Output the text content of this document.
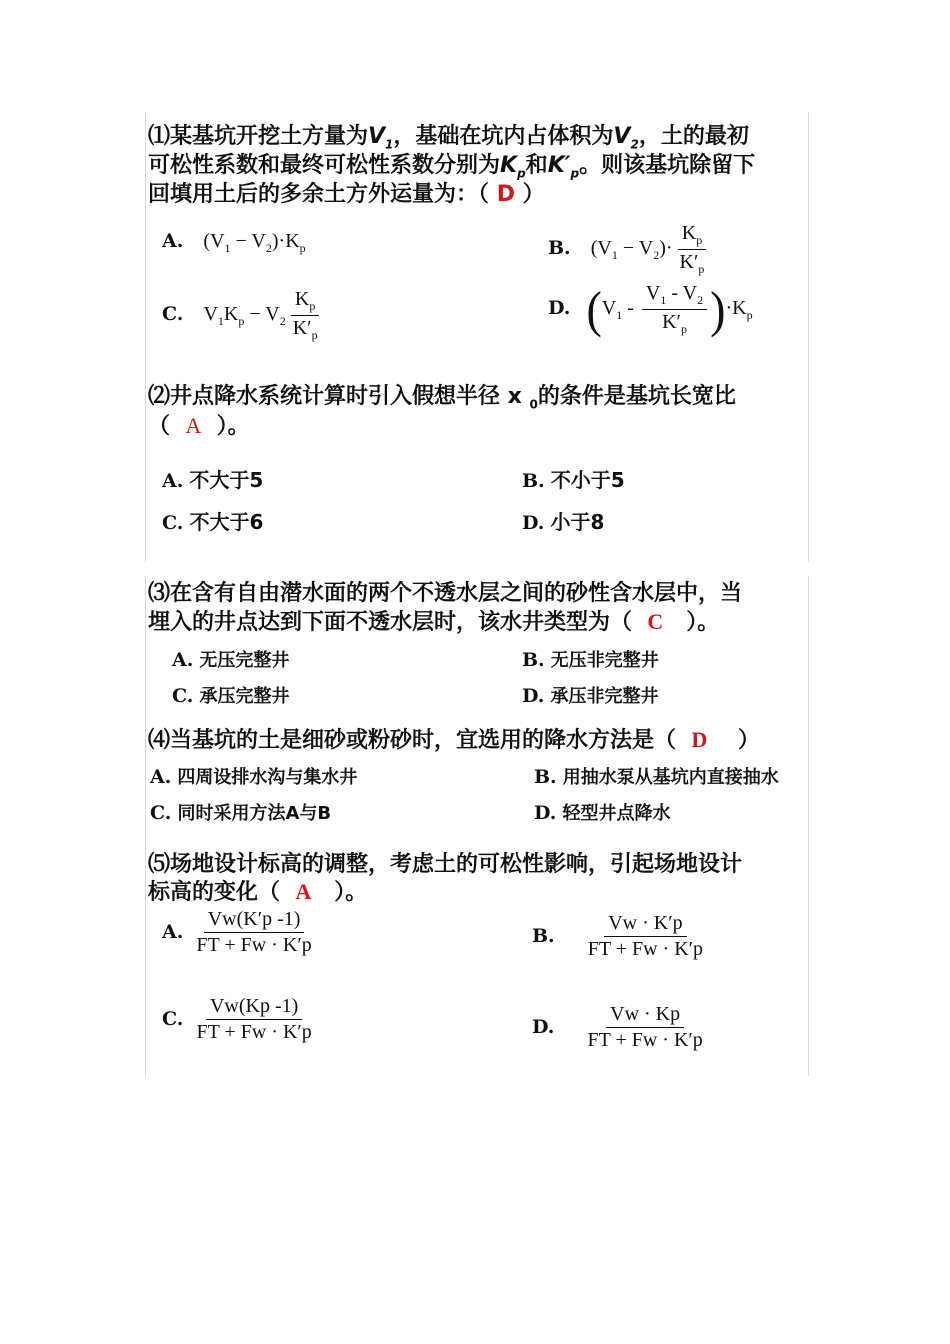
⑴某基坑开挖土方量为$V_1$，基础在坑内占体积为$V_2$，土的最初
可松性系数和最终可松性系数分别为$K_p$和$K'_p$。则该基坑除留下
回填用土后的多余土方外运量为：（ D ）
A. $(V_1 - V_2)\cdot K_p$	B. $(V_1 - V_2)\cdot \frac{K_p}{K'_p}$
C. $V_1K_p - V_2 \frac{K_p}{K'_p}$	D. $(V_1 - \frac{V_1 - V_2}{K'_p} )\cdot K_p$
⑵井点降水系统计算时引入假想半径 x $_0$的条件是基坑长宽比
（ A ）。
A. 不大于5	B. 不小于5
C. 不大于6	D. 小于8
⑶在含有自由潜水面的两个不透水层之间的砂性含水层中，当
埋入的井点达到下面不透水层时，该水井类型为（ C ）。
A. 无压完整井	B. 无压非完整井
C. 承压完整井	D. 承压非完整井
⑷当基坑的土是细砂或粉砂时，宜选用的降水方法是（ D ）
A. 四周设排水沟与集水井	B. 用抽水泵从基坑内直接抽水
C. 同时采用方法A与B	D. 轻型井点降水
⑸场地设计标高的调整，考虑土的可松性影响，引起场地设计
标高的变化（ A ）。
A. $\frac{Vw(K'p -1)}{FT + Fw \cdot K'p}$	B. $\frac{Vw \cdot K'p}{FT + Fw \cdot K'p}$
C. $\frac{Vw(Kp -1)}{FT + Fw \cdot K'p}$	D. $\frac{Vw \cdot Kp}{FT + Fw \cdot K'p}$
